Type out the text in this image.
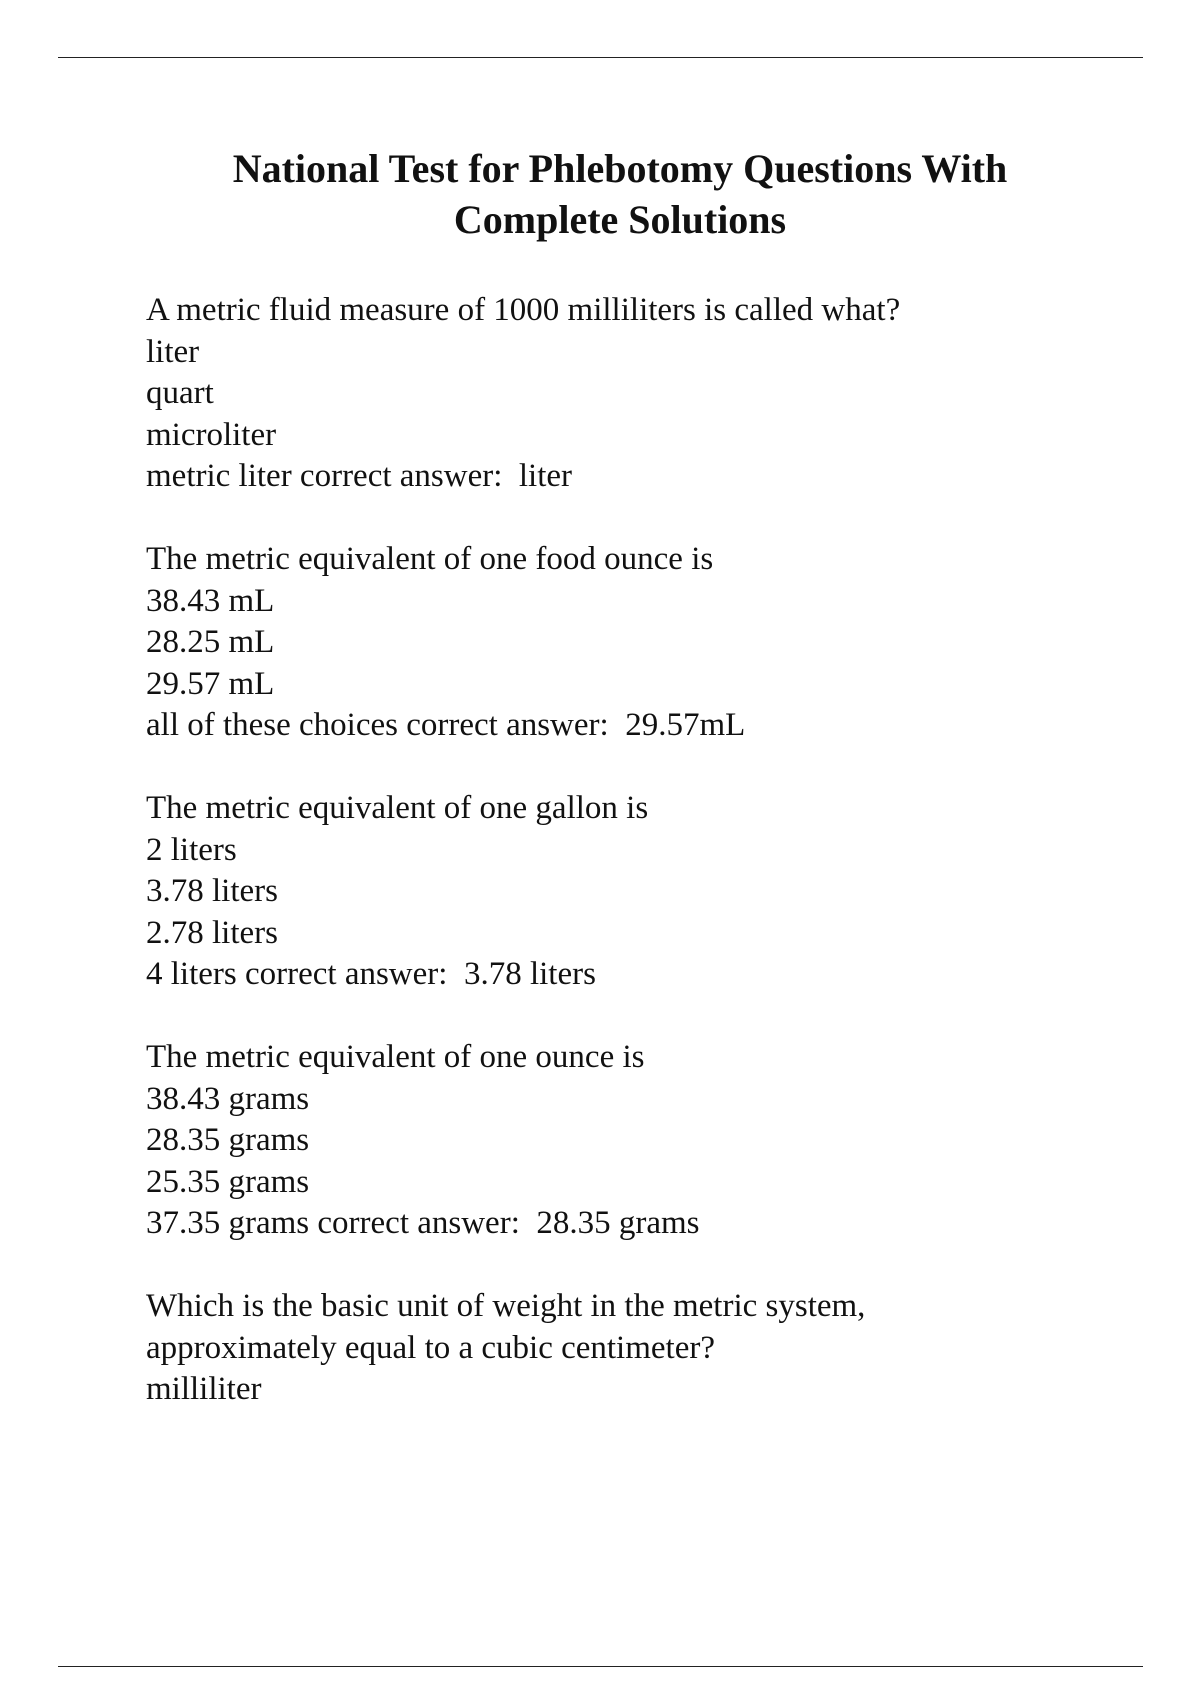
National Test for Phlebotomy Questions With
Complete Solutions
A metric fluid measure of 1000 milliliters is called what?
liter
quart
microliter
metric liter correct answer:  liter
The metric equivalent of one food ounce is
38.43 mL
28.25 mL
29.57 mL
all of these choices correct answer:  29.57mL
The metric equivalent of one gallon is
2 liters
3.78 liters
2.78 liters
4 liters correct answer:  3.78 liters
The metric equivalent of one ounce is
38.43 grams
28.35 grams
25.35 grams
37.35 grams correct answer:  28.35 grams
Which is the basic unit of weight in the metric system,
approximately equal to a cubic centimeter?
milliliter
